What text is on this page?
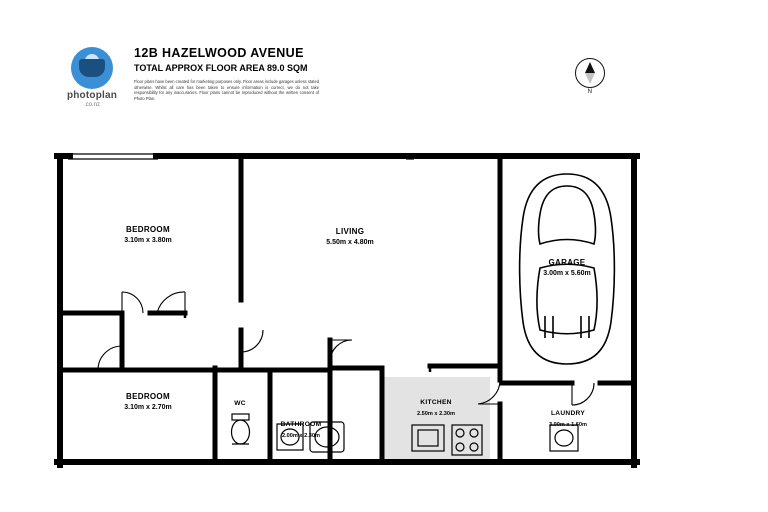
photoplan
.co.nz
12B HAZELWOOD AVENUE
TOTAL APPROX FLOOR AREA 89.0 SQM
Floor plans have been created for marketing purposes only. Floor areas include garages unless stated otherwise. Whilst all care has been taken to ensure information is correct, we do not take responsibility for any inaccuracies. Floor plans cannot be reproduced without the written consent of Photo Plan.
N
BEDROOM
3.10m x 3.80m
LIVING
5.50m x 4.80m
GARAGE
3.00m x 5.60m
BEDROOM
3.10m x 2.70m
WC
BATHROOM
2.00m x 2.30m
KITCHEN
2.50m x 2.30m	LAUNDRY
3.00m x 1.60m
